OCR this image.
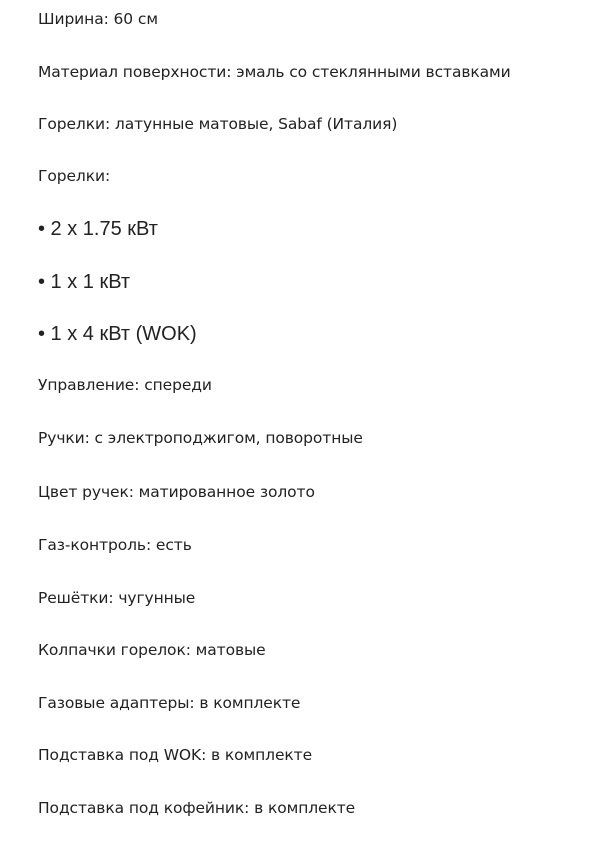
Ширина: 60 см
Материал поверхности: эмаль со стеклянными вставками
Горелки: латунные матовые, Sabaf (Италия)
Горелки:
• 2 х 1.75 кВт
• 1 х 1 кВт
• 1 х 4 кВт (WOK)
Управление: спереди
Ручки: с электроподжигом, поворотные
Цвет ручек: матированное золото
Газ-контроль: есть
Решётки: чугунные
Колпачки горелок: матовые
Газовые адаптеры: в комплекте
Подставка под WOK: в комплекте
Подставка под кофейник: в комплекте
